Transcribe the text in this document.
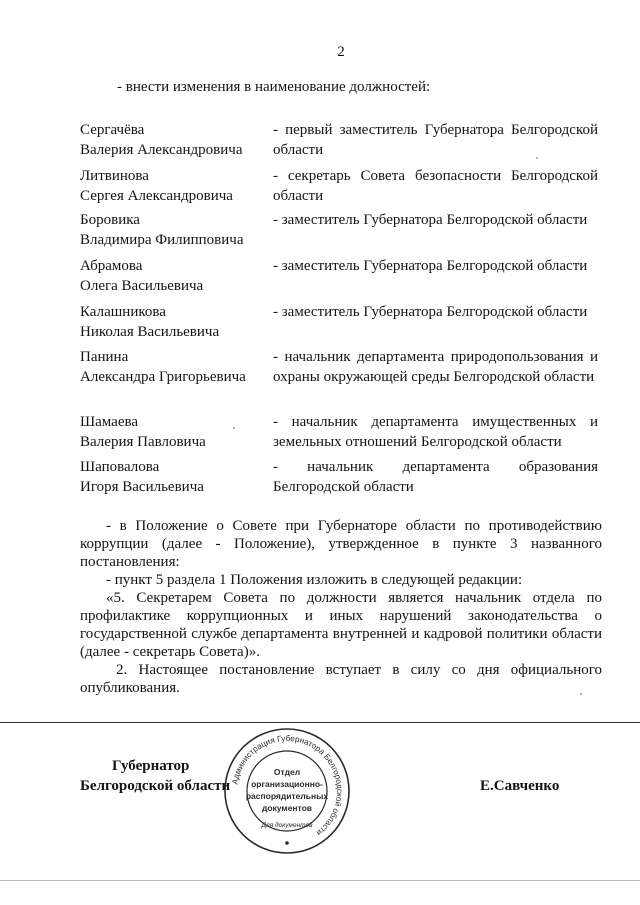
2
- внести изменения в наименование должностей:
Сергачёва
Валерия Александровича
- первый заместитель Губернатора Белгородской области
Литвинова
Сергея Александровича
- секретарь Совета безопасности Белгородской области
Боровика
Владимира Филипповича
- заместитель Губернатора Белгородской области
Абрамова
Олега Васильевича
- заместитель Губернатора Белгородской области
Калашникова
Николая Васильевича
- заместитель Губернатора Белгородской области
Панина
Александра Григорьевича
- начальник департамента природопользования и охраны окружающей среды Белгородской области
Шамаева
Валерия Павловича
- начальник департамента имущественных и земельных отношений Белгородской области
Шаповалова
Игоря Васильевича
- начальник департамента образования Белгородской области

- в Положение о Совете при Губернаторе области по противодействию коррупции (далее - Положение), утвержденное в пункте 3 названного постановления:

- пункт 5 раздела 1 Положения изложить в следующей редакции:

«5. Секретарем Совета по должности является начальник отдела по профилактике коррупционных и иных нарушений законодательства о государственной службе департамента внутренней и кадровой политики области (далее - секретарь Совета)».

2. Настоящее постановление вступает в силу со дня официального опубликования.

Губернатор
Белгородской области	Е.Савченко
Администрация Губернатора Белгородской области
Отдел
организационно-
распорядительных
документов
Для документов
